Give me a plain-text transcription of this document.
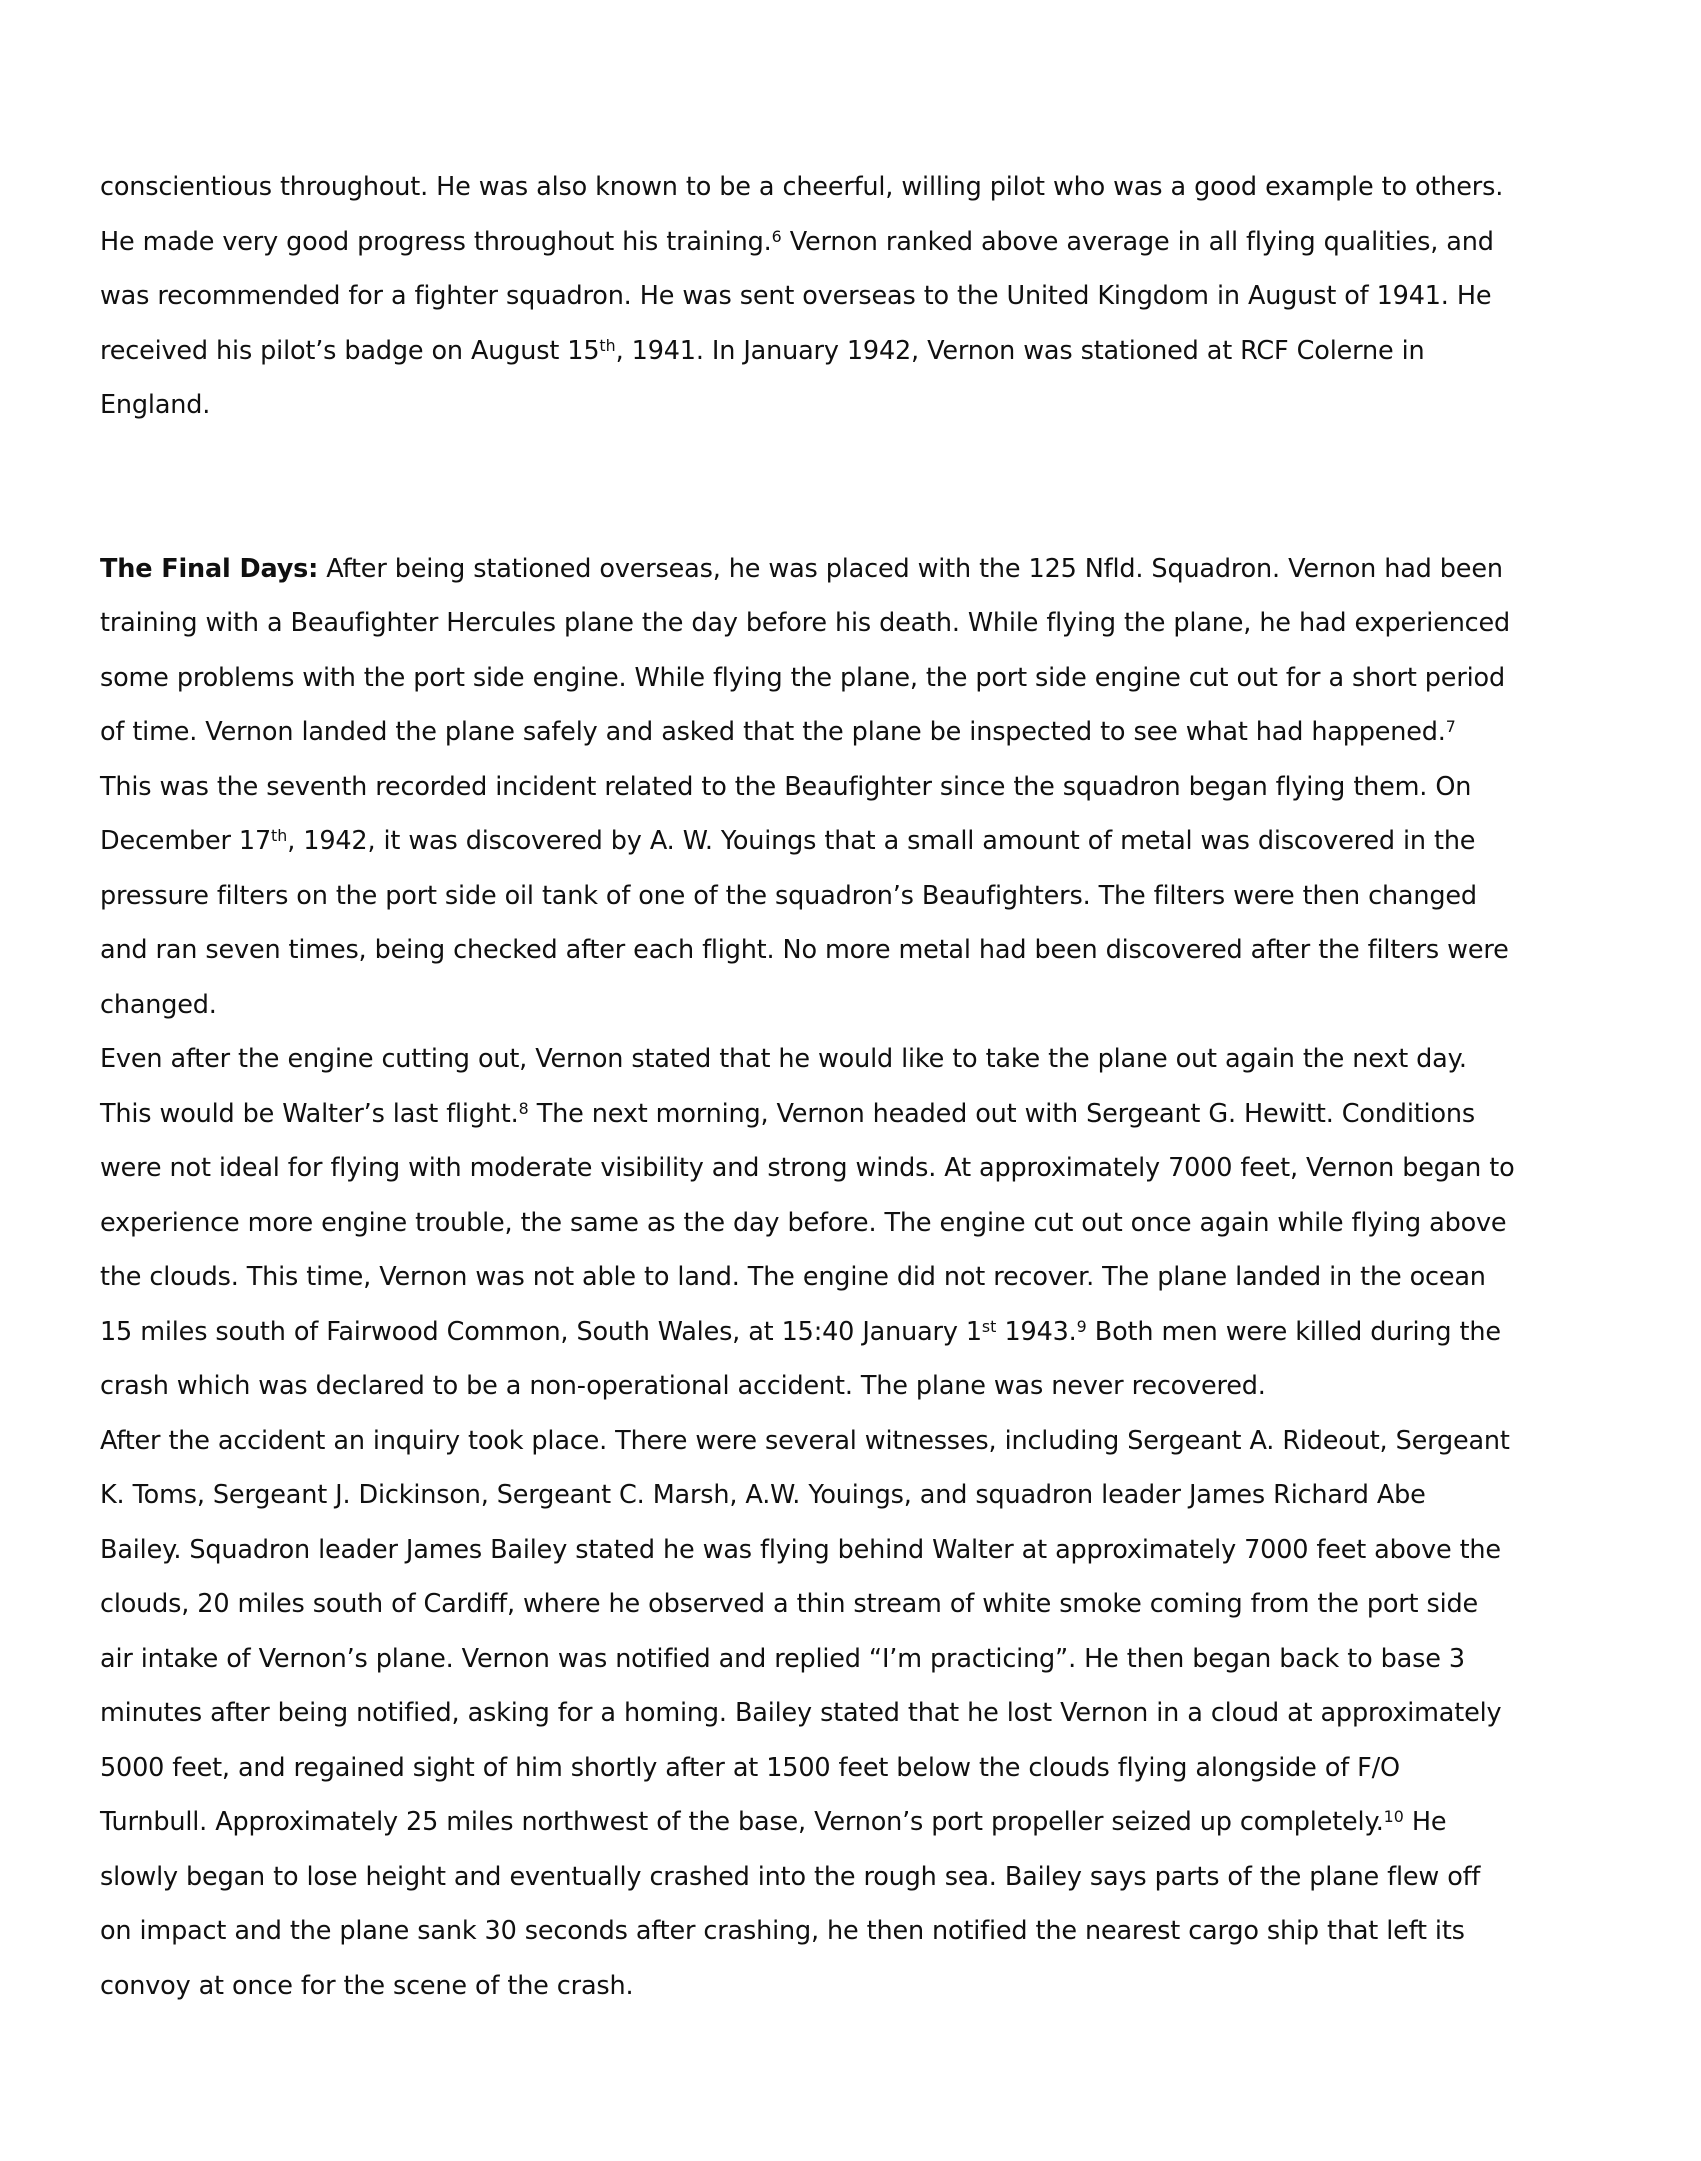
conscientious throughout. He was also known to be a cheerful, willing pilot who was a good example to others. He made very good progress throughout his training.$^6$ Vernon ranked above average in all flying qualities, and was recommended for a fighter squadron. He was sent overseas to the United Kingdom in August of 1941. He received his pilot’s badge on August 15th, 1941. In January 1942, Vernon was stationed at RCF Colerne in England.

The Final Days: After being stationed overseas, he was placed with the 125 Nfld. Squadron. Vernon had been training with a Beaufighter Hercules plane the day before his death. While flying the plane, he had experienced some problems with the port side engine. While flying the plane, the port side engine cut out for a short period of time. Vernon landed the plane safely and asked that the plane be inspected to see what had happened.$^7$ This was the seventh recorded incident related to the Beaufighter since the squadron began flying them. On December 17th, 1942, it was discovered by A. W. Youings that a small amount of metal was discovered in the pressure filters on the port side oil tank of one of the squadron’s Beaufighters. The filters were then changed and ran seven times, being checked after each flight. No more metal had been discovered after the filters were changed.

Even after the engine cutting out, Vernon stated that he would like to take the plane out again the next day. This would be Walter’s last flight.$^8$ The next morning, Vernon headed out with Sergeant G. Hewitt. Conditions were not ideal for flying with moderate visibility and strong winds. At approximately 7000 feet, Vernon began to experience more engine trouble, the same as the day before. The engine cut out once again while flying above the clouds. This time, Vernon was not able to land. The engine did not recover. The plane landed in the ocean 15 miles south of Fairwood Common, South Wales, at 15:40 January 1st 1943.$^9$ Both men were killed during the crash which was declared to be a non-operational accident. The plane was never recovered.

After the accident an inquiry took place. There were several witnesses, including Sergeant A. Rideout, Sergeant K. Toms, Sergeant J. Dickinson, Sergeant C. Marsh, A.W. Youings, and squadron leader James Richard Abe Bailey. Squadron leader James Bailey stated he was flying behind Walter at approximately 7000 feet above the clouds, 20 miles south of Cardiff, where he observed a thin stream of white smoke coming from the port side air intake of Vernon’s plane. Vernon was notified and replied “I’m practicing”. He then began back to base 3 minutes after being notified, asking for a homing. Bailey stated that he lost Vernon in a cloud at approximately 5000 feet, and regained sight of him shortly after at 1500 feet below the clouds flying alongside of F/O Turnbull. Approximately 25 miles northwest of the base, Vernon’s port propeller seized up completely.$^{10}$ He slowly began to lose height and eventually crashed into the rough sea. Bailey says parts of the plane flew off on impact and the plane sank 30 seconds after crashing, he then notified the nearest cargo ship that left its convoy at once for the scene of the crash.
